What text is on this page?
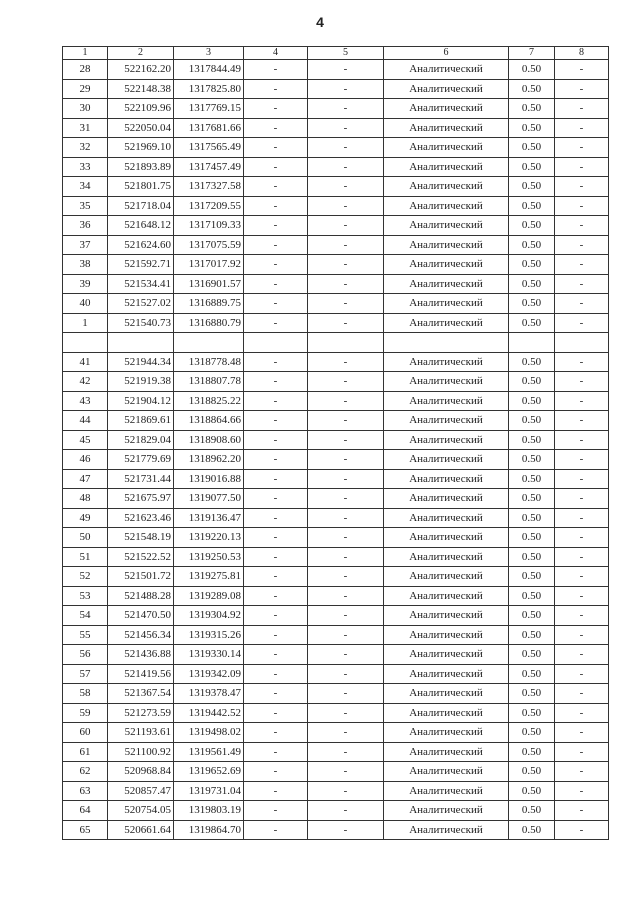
4
1	2	3	4	5	6	7	8
28	522162.20	1317844.49	-	-	Аналитический	0.50	-
29	522148.38	1317825.80	-	-	Аналитический	0.50	-
30	522109.96	1317769.15	-	-	Аналитический	0.50	-
31	522050.04	1317681.66	-	-	Аналитический	0.50	-
32	521969.10	1317565.49	-	-	Аналитический	0.50	-
33	521893.89	1317457.49	-	-	Аналитический	0.50	-
34	521801.75	1317327.58	-	-	Аналитический	0.50	-
35	521718.04	1317209.55	-	-	Аналитический	0.50	-
36	521648.12	1317109.33	-	-	Аналитический	0.50	-
37	521624.60	1317075.59	-	-	Аналитический	0.50	-
38	521592.71	1317017.92	-	-	Аналитический	0.50	-
39	521534.41	1316901.57	-	-	Аналитический	0.50	-
40	521527.02	1316889.75	-	-	Аналитический	0.50	-
1	521540.73	1316880.79	-	-	Аналитический	0.50	-

41	521944.34	1318778.48	-	-	Аналитический	0.50	-
42	521919.38	1318807.78	-	-	Аналитический	0.50	-
43	521904.12	1318825.22	-	-	Аналитический	0.50	-
44	521869.61	1318864.66	-	-	Аналитический	0.50	-
45	521829.04	1318908.60	-	-	Аналитический	0.50	-
46	521779.69	1318962.20	-	-	Аналитический	0.50	-
47	521731.44	1319016.88	-	-	Аналитический	0.50	-
48	521675.97	1319077.50	-	-	Аналитический	0.50	-
49	521623.46	1319136.47	-	-	Аналитический	0.50	-
50	521548.19	1319220.13	-	-	Аналитический	0.50	-
51	521522.52	1319250.53	-	-	Аналитический	0.50	-
52	521501.72	1319275.81	-	-	Аналитический	0.50	-
53	521488.28	1319289.08	-	-	Аналитический	0.50	-
54	521470.50	1319304.92	-	-	Аналитический	0.50	-
55	521456.34	1319315.26	-	-	Аналитический	0.50	-
56	521436.88	1319330.14	-	-	Аналитический	0.50	-
57	521419.56	1319342.09	-	-	Аналитический	0.50	-
58	521367.54	1319378.47	-	-	Аналитический	0.50	-
59	521273.59	1319442.52	-	-	Аналитический	0.50	-
60	521193.61	1319498.02	-	-	Аналитический	0.50	-
61	521100.92	1319561.49	-	-	Аналитический	0.50	-
62	520968.84	1319652.69	-	-	Аналитический	0.50	-
63	520857.47	1319731.04	-	-	Аналитический	0.50	-
64	520754.05	1319803.19	-	-	Аналитический	0.50	-
65	520661.64	1319864.70	-	-	Аналитический	0.50	-
